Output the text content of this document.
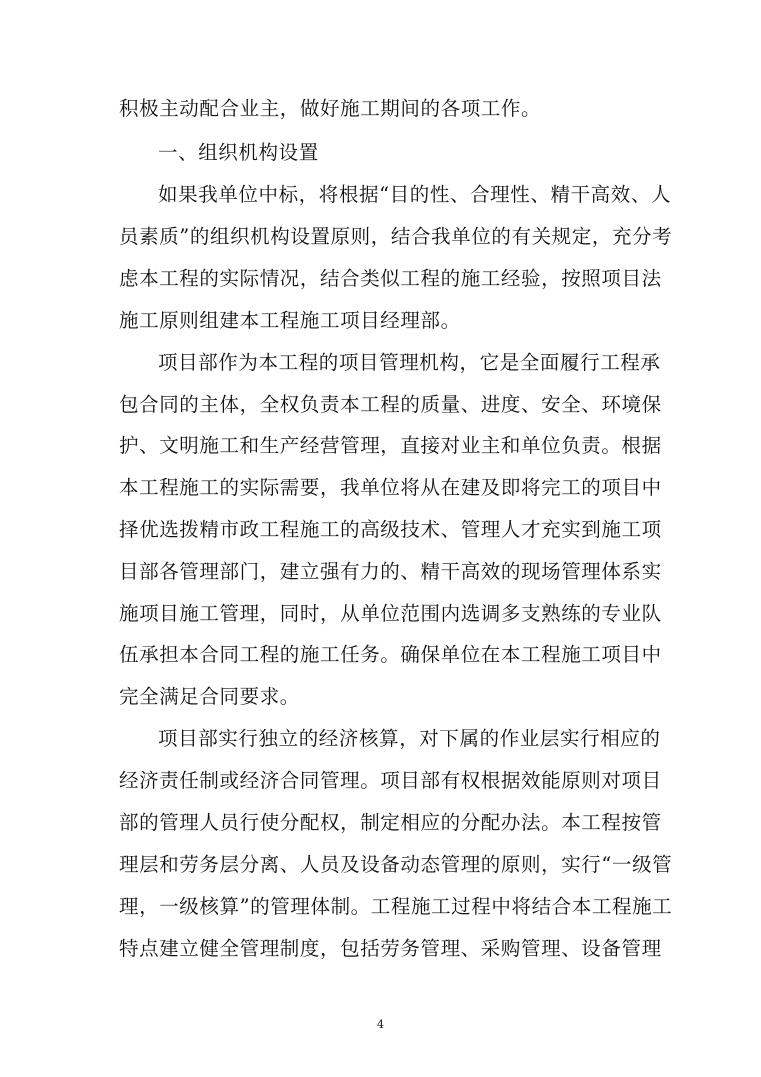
积极主动配合业主，做好施工期间的各项工作。
一、组织机构设置
如果我单位中标，将根据“目的性、合理性、精干高效、人
员素质”的组织机构设置原则，结合我单位的有关规定，充分考
虑本工程的实际情况，结合类似工程的施工经验，按照项目法
施工原则组建本工程施工项目经理部。
项目部作为本工程的项目管理机构，它是全面履行工程承
包合同的主体，全权负责本工程的质量、进度、安全、环境保
护、文明施工和生产经营管理，直接对业主和单位负责。根据
本工程施工的实际需要，我单位将从在建及即将完工的项目中
择优选拨精市政工程施工的高级技术、管理人才充实到施工项
目部各管理部门，建立强有力的、精干高效的现场管理体系实
施项目施工管理，同时，从单位范围内选调多支熟练的专业队
伍承担本合同工程的施工任务。确保单位在本工程施工项目中
完全满足合同要求。
项目部实行独立的经济核算，对下属的作业层实行相应的
经济责任制或经济合同管理。项目部有权根据效能原则对项目
部的管理人员行使分配权，制定相应的分配办法。本工程按管
理层和劳务层分离、人员及设备动态管理的原则，实行“一级管
理，一级核算”的管理体制。工程施工过程中将结合本工程施工
特点建立健全管理制度，包括劳务管理、采购管理、设备管理
4
